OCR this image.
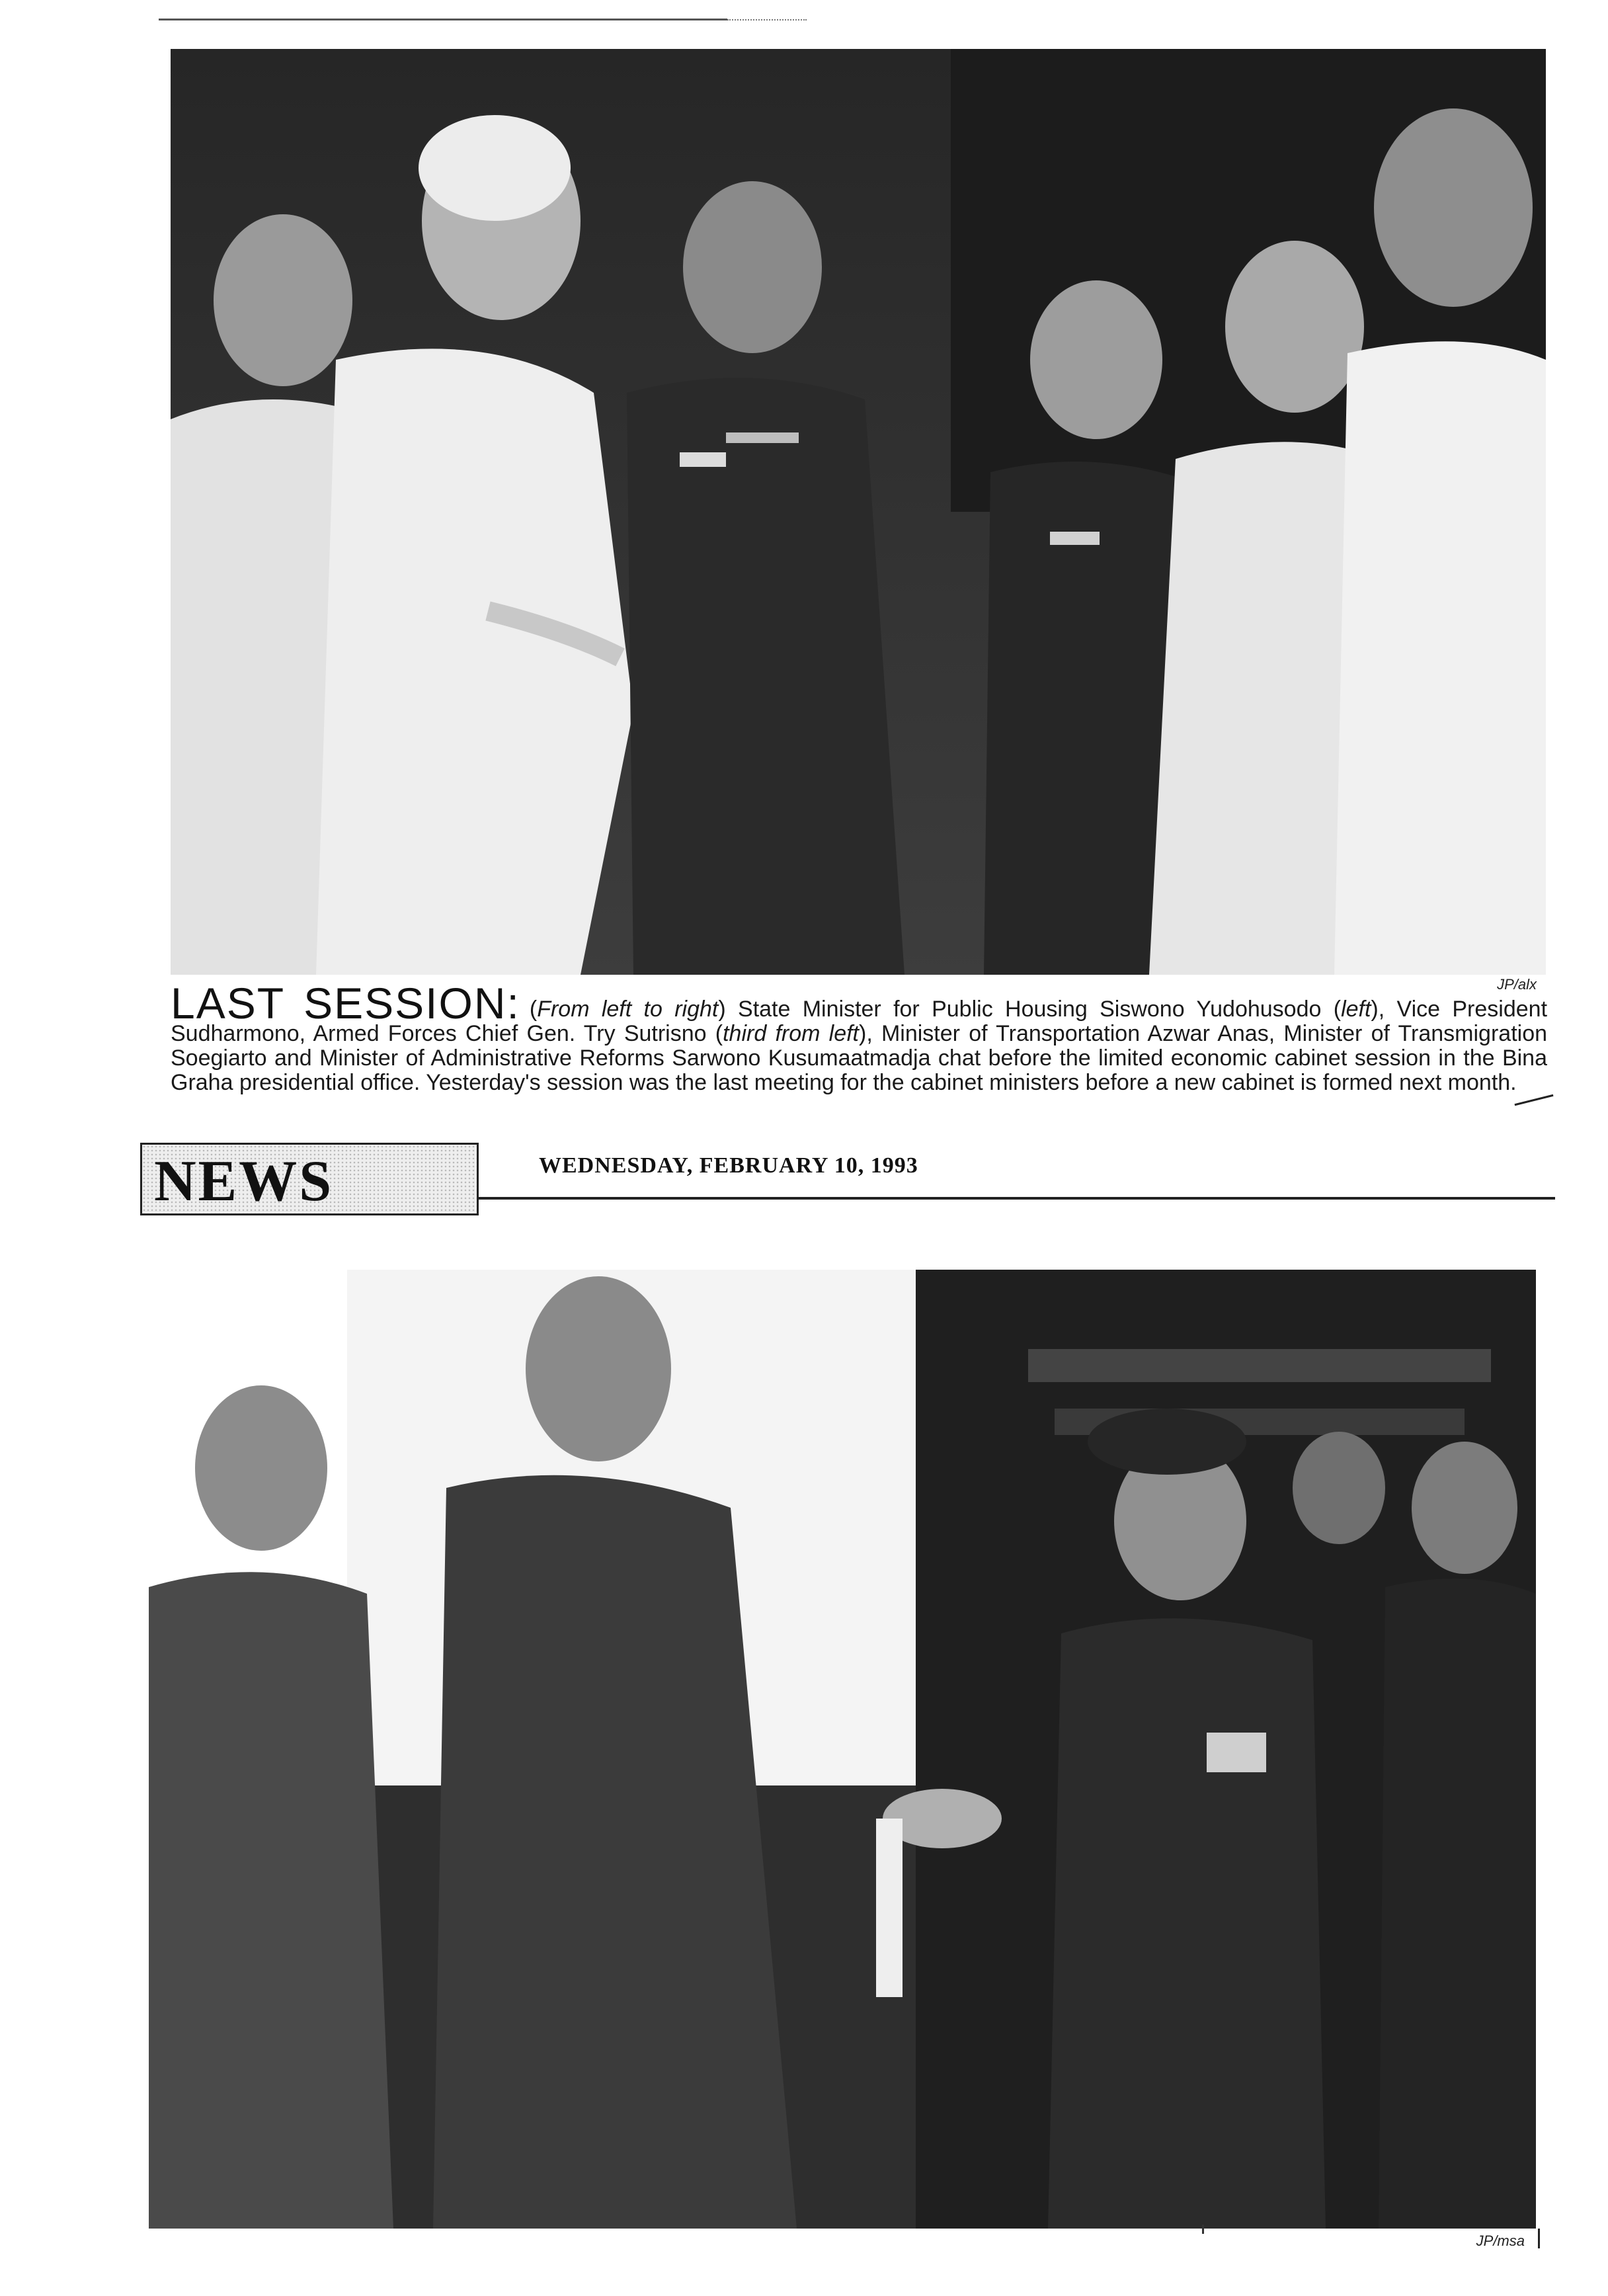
JP/alx
LAST SESSION: (From left to right) State Minister for Public Housing Siswono Yudohusodo (left), Vice President Sudharmono, Armed Forces Chief Gen. Try Sutrisno (third from left), Minister of Transportation Azwar Anas, Minister of Transmigration Soegiarto and Minister of Administrative Reforms Sarwono Kusumaatmadja chat before the limited economic cabinet session in the Bina Graha presidential office. Yesterday's session was the last meeting for the cabinet ministers before a new cabinet is formed next month.
NEWS	WEDNESDAY, FEBRUARY 10, 1993
JP/msa
